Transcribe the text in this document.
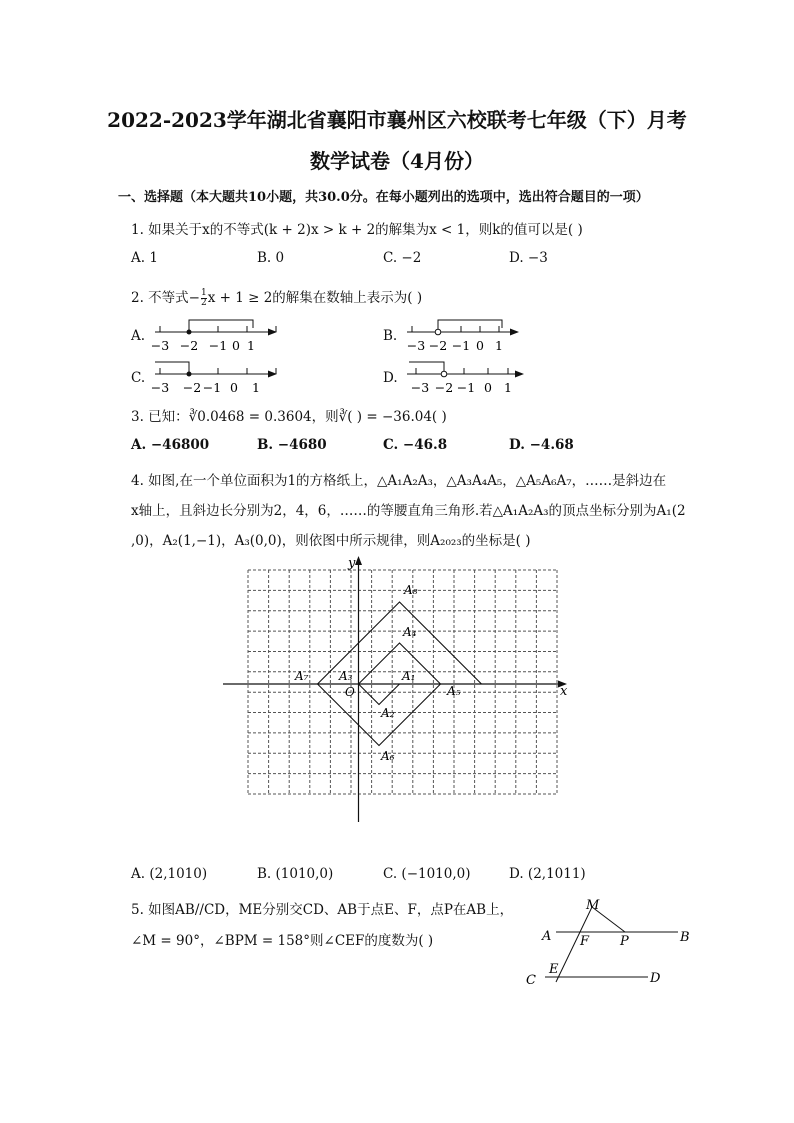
2022-2023学年湖北省襄阳市襄州区六校联考七年级（下）月考
数学试卷（4月份）
一、选择题（本大题共10小题，共30.0分。在每小题列出的选项中，选出符合题目的一项）
1. 如果关于x的不等式(k + 2)x > k + 2的解集为x < 1，则k的值可以是( )
A. 1	B. 0	C. −2	D. −3
2. 不等式− $\frac{1}{2}$ x + 1 ≥ 2的解集在数轴上表示为( )
A.
−3 −2 −1 0 1
B.
−3 −2 −1 0 1
C.
−3 −2 −1 0 1
D.
−3 −2 −1 0 1
3. 已知：∛0.0468 = 0.3604，则∛( ) = −36.04( )
A. −46800	B. −4680	C. −46.8	D. −4.68
4. 如图,在一个单位面积为1的方格纸上，△A₁A₂A₃，△A₃A₄A₅，△A₅A₆A₇，……是斜边在
x轴上，且斜边长分别为2，4，6，……的等腰直角三角形.若△A₁A₂A₃的顶点坐标分别为A₁(2
,0)，A₂(1,−1)，A₃(0,0)，则依图中所示规律，则A₂₀₂₃的坐标是( )
x
y
O
A₁
A₂
A₃
A₄
A₅
A₆
A₇
A₈
A. (2,1010)	B. (1010,0)	C. (−1010,0)	D. (2,1011)
5. 如图AB//CD，ME分别交CD、AB于点E、F，点P在AB上，
∠M = 90°，∠BPM = 158°则∠CEF的度数为( )
M
A F P	B
C
E
D
